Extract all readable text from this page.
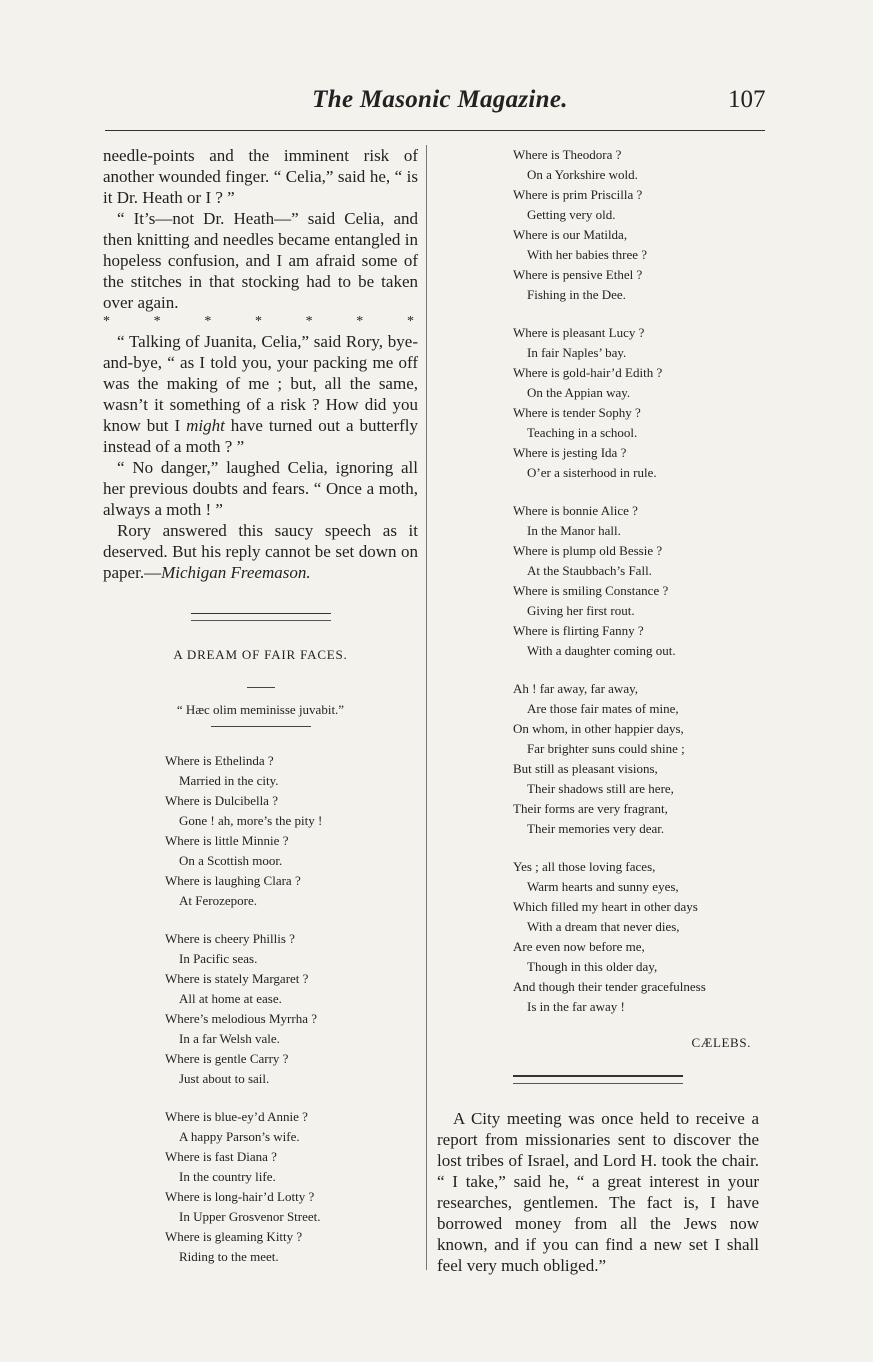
The Masonic Magazine.	107

needle-points and the imminent risk of another wounded finger. “ Celia,” said he, “ is it Dr. Heath or I ? ”

“ It’s—not Dr. Heath—” said Celia, and then knitting and needles became entangled in hopeless confusion, and I am afraid some of the stitches in that stocking had to be taken over again.

*	*	*	*	*	*	*

“ Talking of Juanita, Celia,” said Rory, bye-and-bye, “ as I told you, your packing me off was the making of me ; but, all the same, wasn’t it something of a risk ? How did you know but I might have turned out a butterfly instead of a moth ? ”

“ No danger,” laughed Celia, ignoring all her previous doubts and fears. “ Once a moth, always a moth ! ”

Rory answered this saucy speech as it deserved. But his reply cannot be set down on paper.—Michigan Freemason.

A DREAM OF FAIR FACES.
“ Hæc olim meminisse juvabit.”
Where is Ethelinda ?
Married in the city.
Where is Dulcibella ?
Gone ! ah, more’s the pity !
Where is little Minnie ?
On a Scottish moor.
Where is laughing Clara ?
At Ferozepore.
Where is cheery Phillis ?
In Pacific seas.
Where is stately Margaret ?
All at home at ease.
Where’s melodious Myrrha ?
In a far Welsh vale.
Where is gentle Carry ?
Just about to sail.
Where is blue-ey’d Annie ?
A happy Parson’s wife.
Where is fast Diana ?
In the country life.
Where is long-hair’d Lotty ?
In Upper Grosvenor Street.
Where is gleaming Kitty ?
Riding to the meet.
Where is Theodora ?
On a Yorkshire wold.
Where is prim Priscilla ?
Getting very old.
Where is our Matilda,
With her babies three ?
Where is pensive Ethel ?
Fishing in the Dee.
Where is pleasant Lucy ?
In fair Naples’ bay.
Where is gold-hair’d Edith ?
On the Appian way.
Where is tender Sophy ?
Teaching in a school.
Where is jesting Ida ?
O’er a sisterhood in rule.
Where is bonnie Alice ?
In the Manor hall.
Where is plump old Bessie ?
At the Staubbach’s Fall.
Where is smiling Constance ?
Giving her first rout.
Where is flirting Fanny ?
With a daughter coming out.
Ah ! far away, far away,
Are those fair mates of mine,
On whom, in other happier days,
Far brighter suns could shine ;
But still as pleasant visions,
Their shadows still are here,
Their forms are very fragrant,
Their memories very dear.
Yes ; all those loving faces,
Warm hearts and sunny eyes,
Which filled my heart in other days
With a dream that never dies,
Are even now before me,
Though in this older day,
And though their tender gracefulness
Is in the far away !
CÆLEBS.

A City meeting was once held to receive a report from missionaries sent to discover the lost tribes of Israel, and Lord H. took the chair. “ I take,” said he, “ a great interest in your researches, gentlemen. The fact is, I have borrowed money from all the Jews now known, and if you can find a new set I shall feel very much obliged.”
